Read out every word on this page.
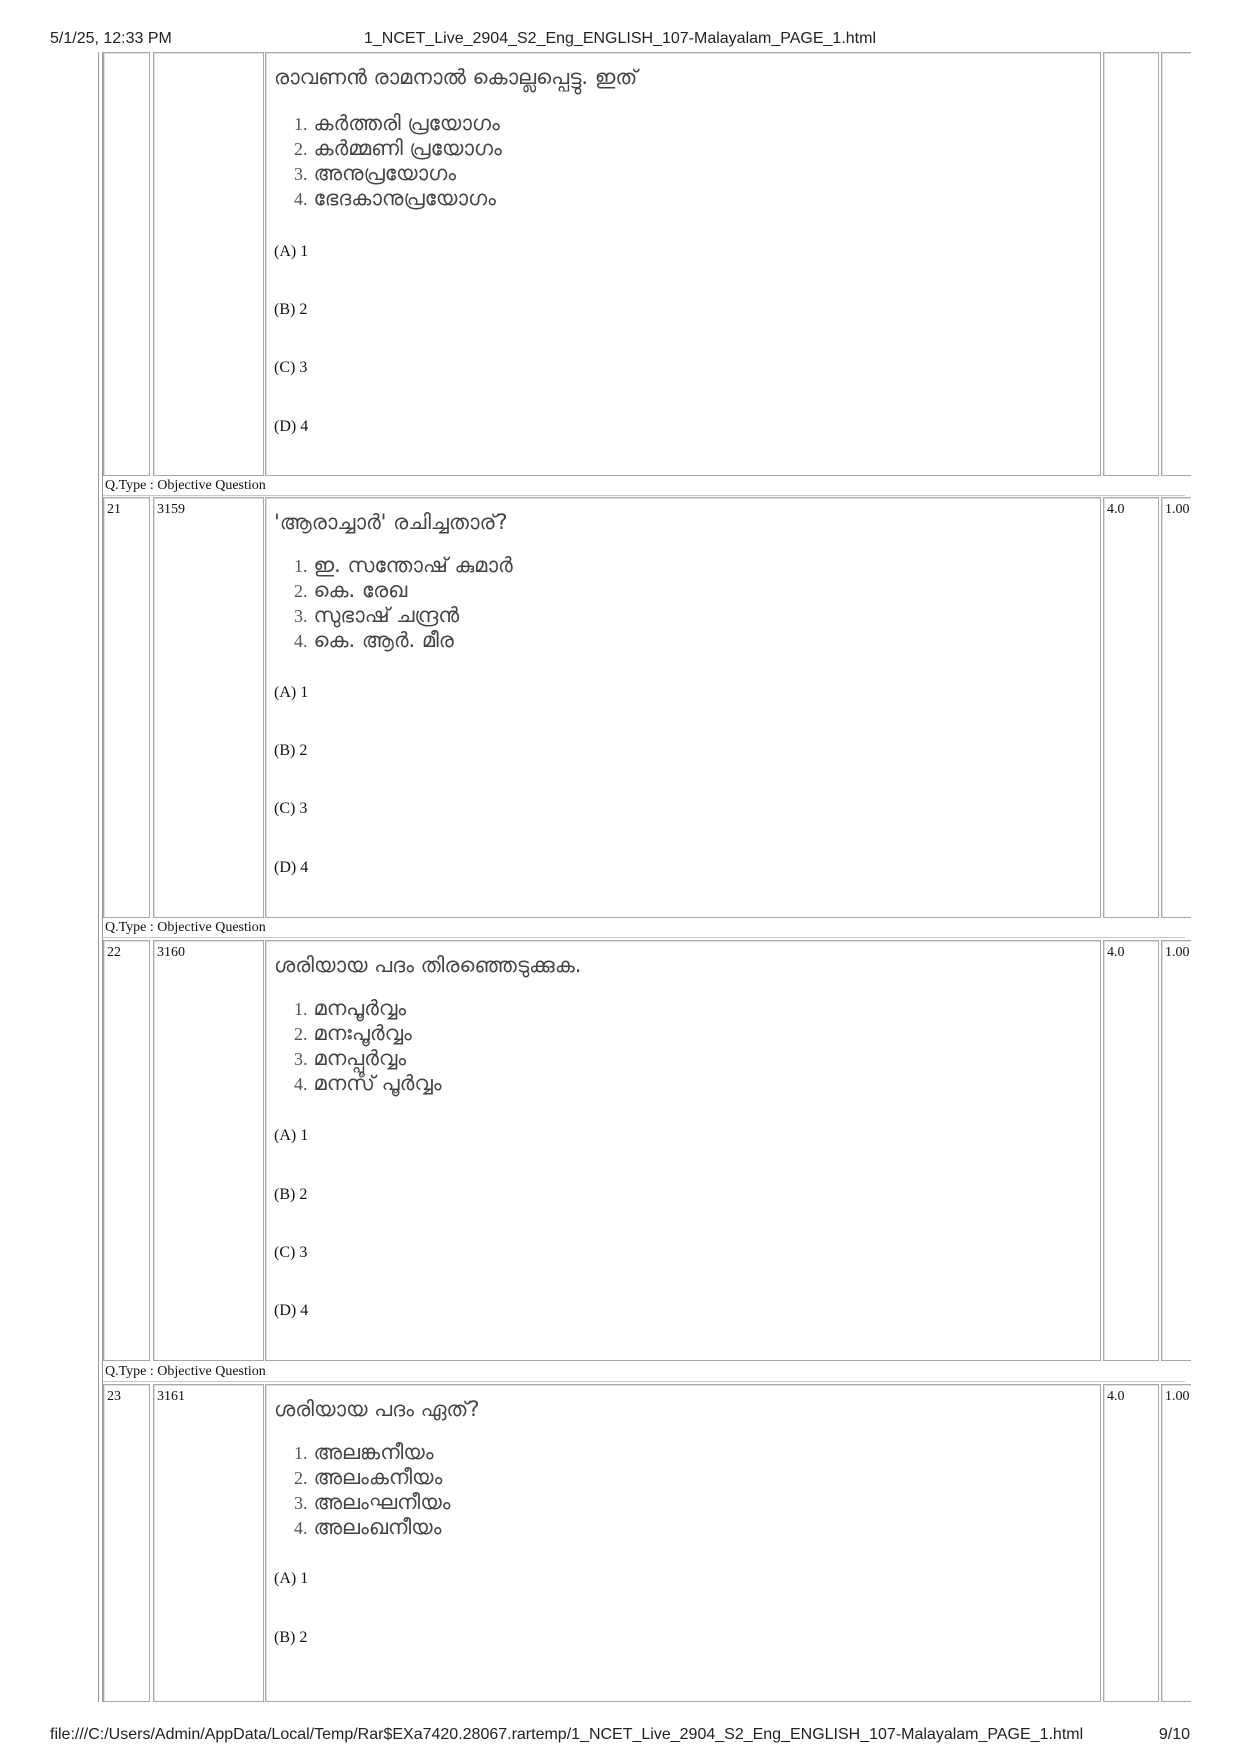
5/1/25, 12:33 PM	1_NCET_Live_2904_S2_Eng_ENGLISH_107-Malayalam_PAGE_1.html
രാവണൻ രാമനാൽ കൊല്ലപ്പെട്ടു. ഇത്
1. കർത്തരി പ്രയോഗം
2. കർമ്മണി പ്രയോഗം
3. അനുപ്രയോഗം
4. ഭേദകാനുപ്രയോഗം
(A) 1
(B) 2
(C) 3
(D) 4
Q.Type : Objective Question
21	3159
'ആരാച്ചാർ' രചിച്ചതാര്?
1. ഇ. സന്തോഷ് കുമാർ
2. കെ. രേഖ
3. സുഭാഷ് ചന്ദ്രൻ
4. കെ. ആർ. മീര
(A) 1
(B) 2
(C) 3
(D) 4
4.0	1.00
Q.Type : Objective Question
22	3160
ശരിയായ പദം തിരഞ്ഞെടുക്കുക.
1. മനപൂർവ്വം
2. മനഃപൂർവ്വം
3. മനപ്പൂർവ്വം
4. മനസ് പൂർവ്വം
(A) 1
(B) 2
(C) 3
(D) 4
4.0	1.00
Q.Type : Objective Question
23	3161
ശരിയായ പദം ഏത്?
1. അലങ്കനീയം
2. അലംകനീയം
3. അലംഘനീയം
4. അലംഖനീയം
(A) 1
(B) 2
4.0	1.00
file:///C:/Users/Admin/AppData/Local/Temp/Rar$EXa7420.28067.rartemp/1_NCET_Live_2904_S2_Eng_ENGLISH_107-Malayalam_PAGE_1.html	9/10
